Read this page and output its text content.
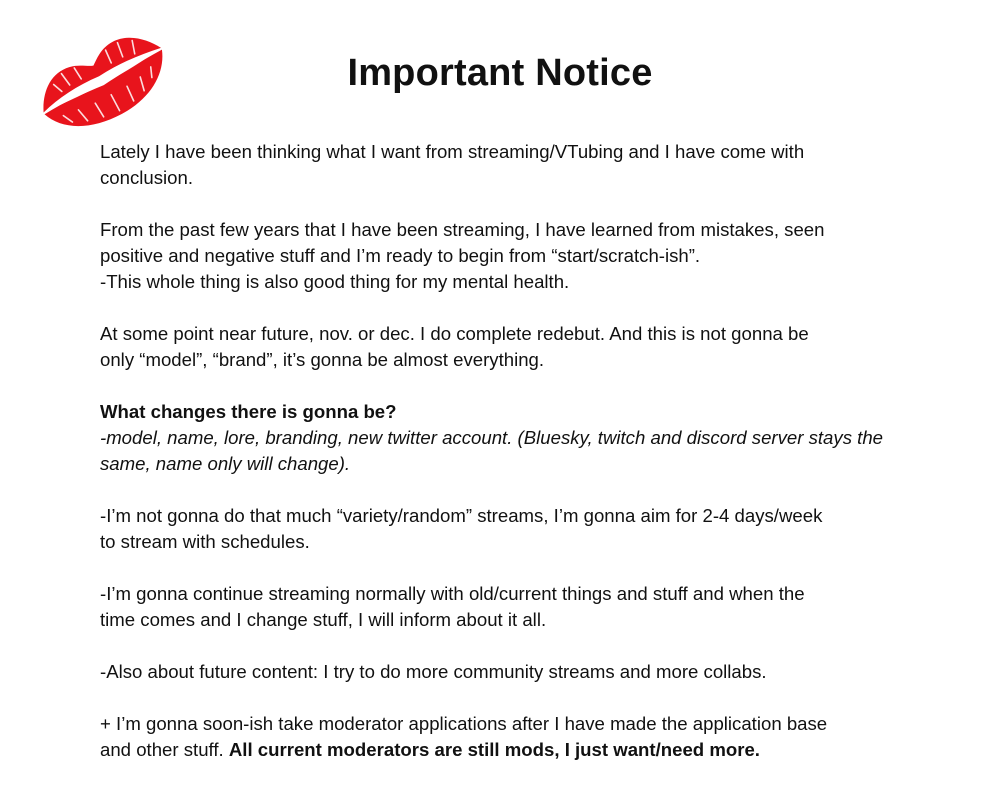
Important Notice

Lately I have been thinking what I want from streaming/VTubing and I have come with
conclusion.

From the past few years that I have been streaming, I have learned from mistakes, seen
positive and negative stuff and I’m ready to begin from “start/scratch-ish”.
-This whole thing is also good thing for my mental health.

At some point near future, nov. or dec. I do complete redebut. And this is not gonna be
only “model”, “brand”, it’s gonna be almost everything.

What changes there is gonna be?
-model, name, lore, branding, new twitter account. (Bluesky, twitch and discord server stays the
same, name only will change).

-I’m not gonna do that much “variety/random” streams, I’m gonna aim for 2-4 days/week
to stream with schedules.

-I’m gonna continue streaming normally with old/current things and stuff and when the
time comes and I change stuff, I will inform about it all.

-Also about future content: I try to do more community streams and more collabs.

+ I’m gonna soon-ish take moderator applications after I have made the application base
and other stuff. All current moderators are still mods, I just want/need more.
